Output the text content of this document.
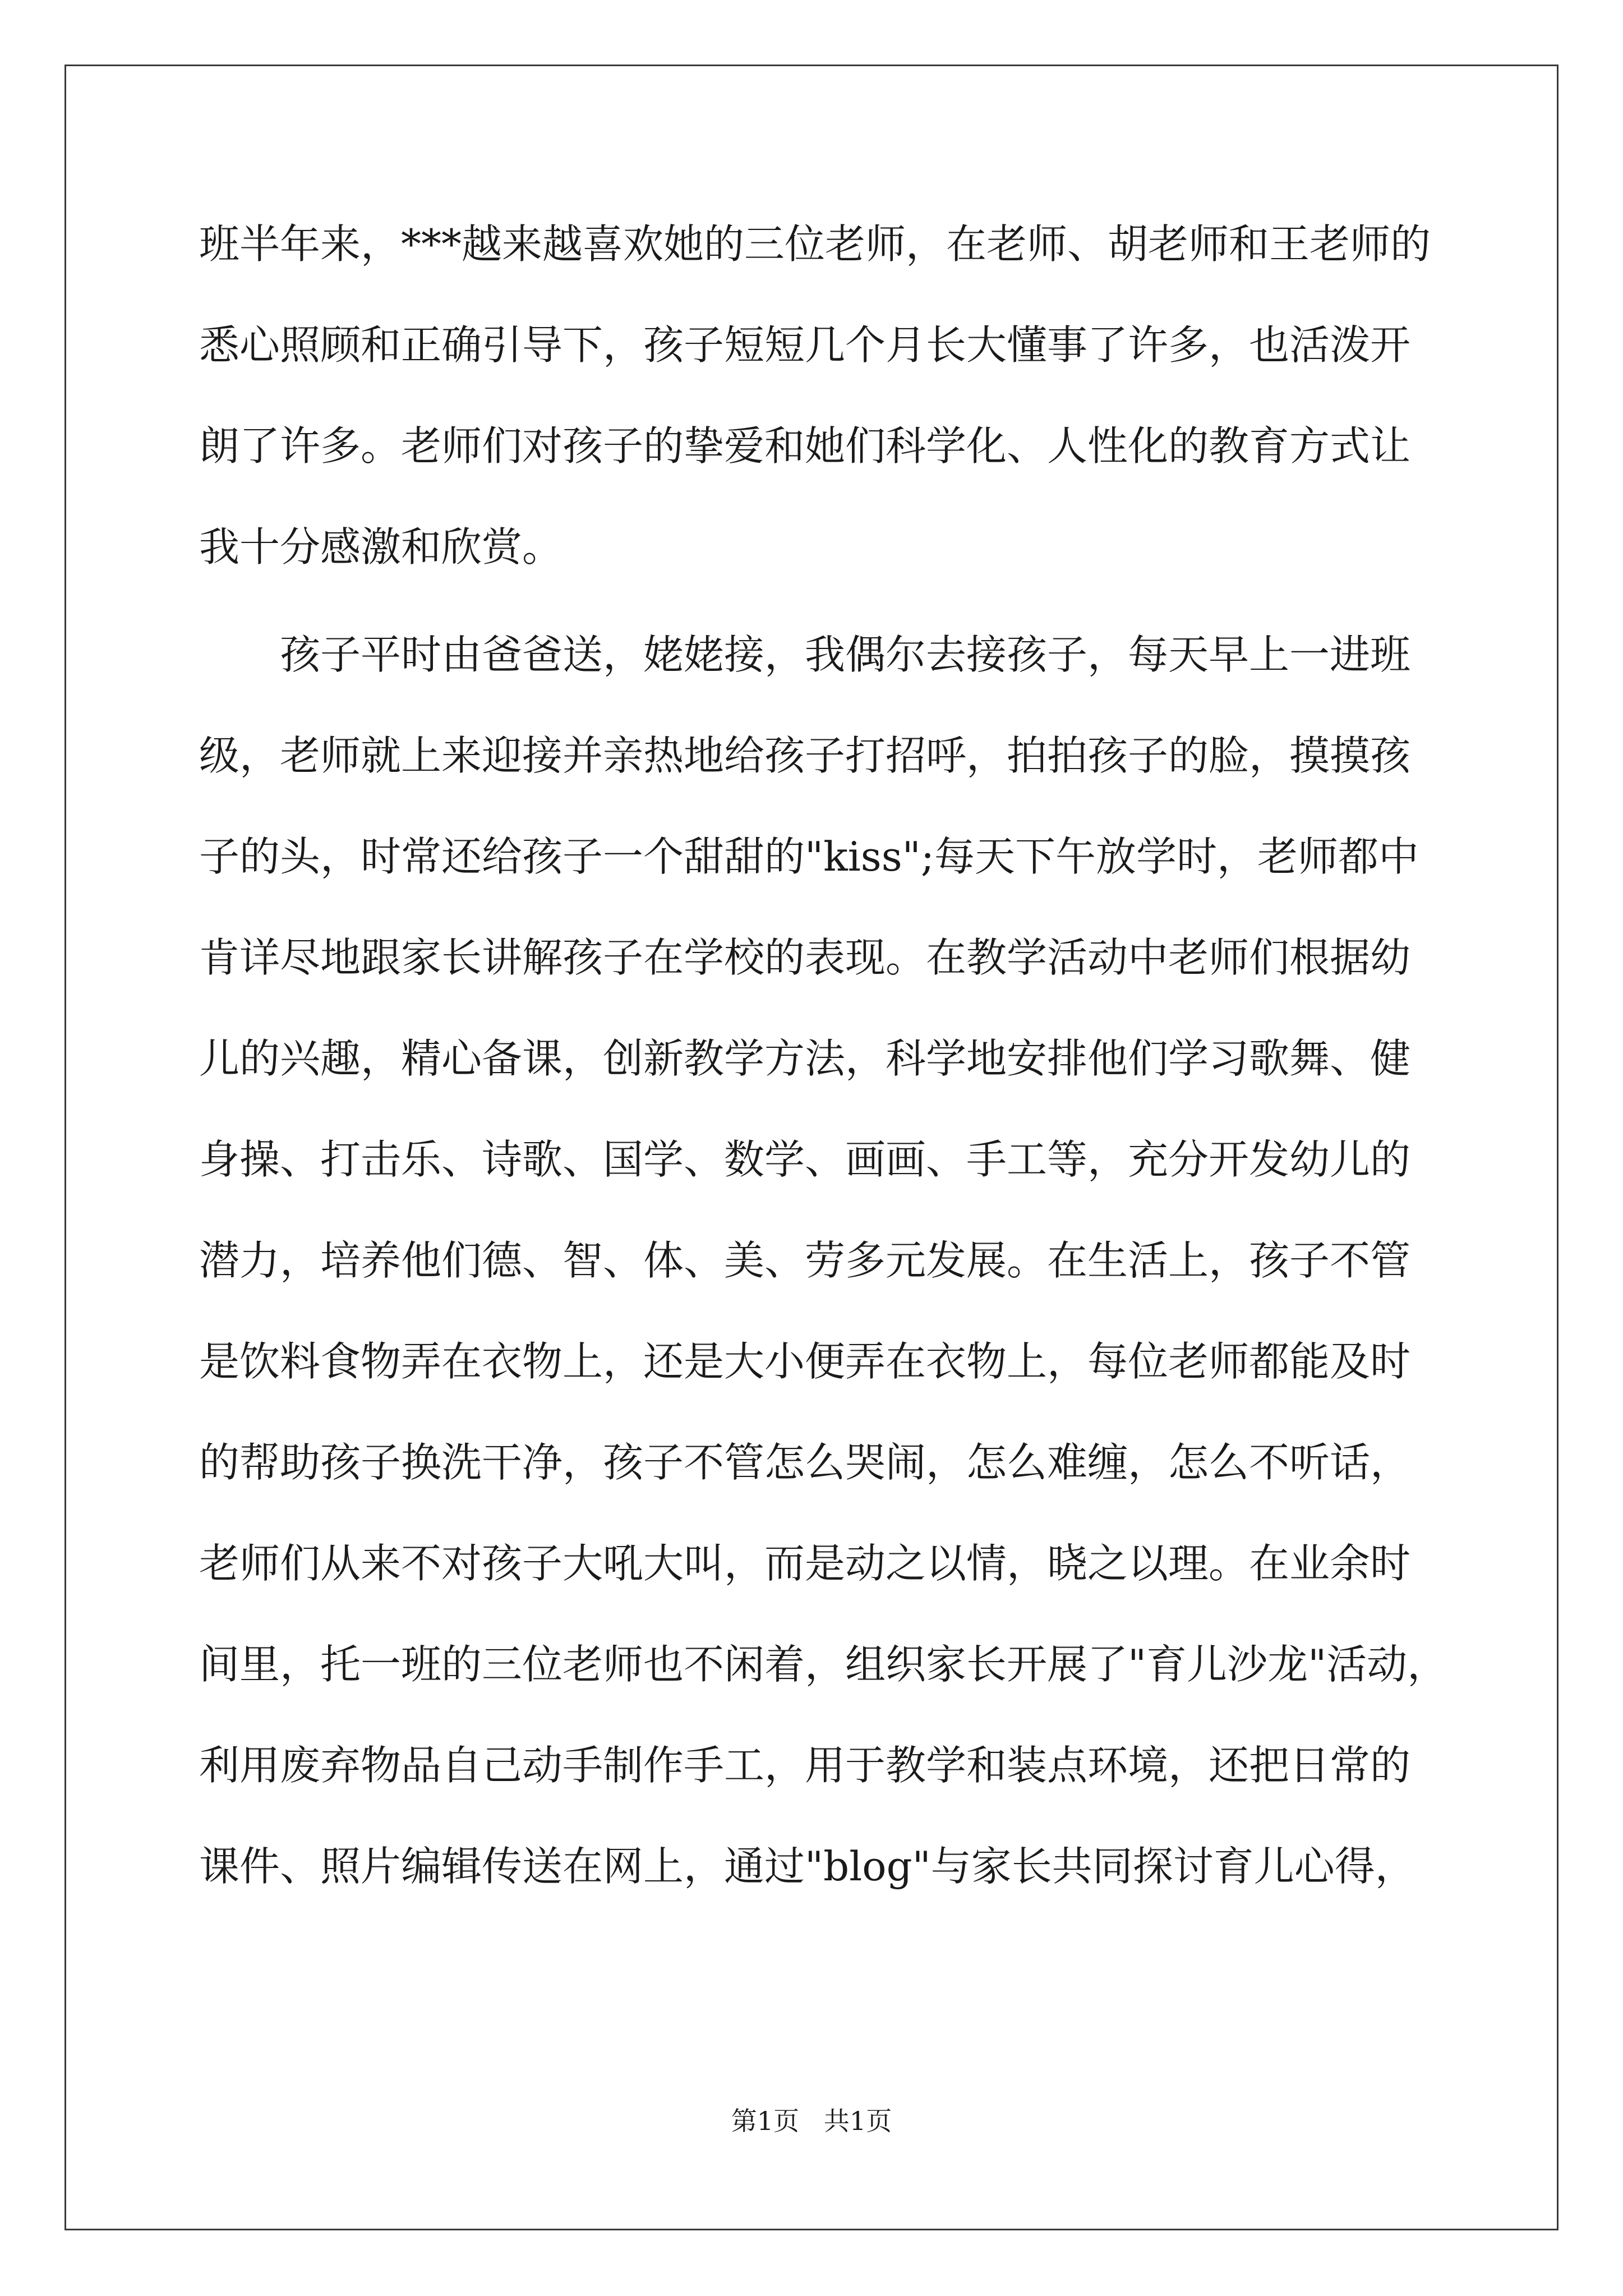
班半年来，***越来越喜欢她的三位老师，在老师、胡老师和王老师的
悉心照顾和正确引导下，孩子短短几个月长大懂事了许多，也活泼开
朗了许多。老师们对孩子的挚爱和她们科学化、人性化的教育方式让
我十分感激和欣赏。
孩子平时由爸爸送，姥姥接，我偶尔去接孩子，每天早上一进班
级，老师就上来迎接并亲热地给孩子打招呼，拍拍孩子的脸，摸摸孩
子的头，时常还给孩子一个甜甜的"kiss";每天下午放学时，老师都中
肯详尽地跟家长讲解孩子在学校的表现。在教学活动中老师们根据幼
儿的兴趣，精心备课，创新教学方法，科学地安排他们学习歌舞、健
身操、打击乐、诗歌、国学、数学、画画、手工等，充分开发幼儿的
潜力，培养他们德、智、体、美、劳多元发展。在生活上，孩子不管
是饮料食物弄在衣物上，还是大小便弄在衣物上，每位老师都能及时
的帮助孩子换洗干净，孩子不管怎么哭闹，怎么难缠，怎么不听话，
老师们从来不对孩子大吼大叫，而是动之以情，晓之以理。在业余时
间里，托一班的三位老师也不闲着，组织家长开展了"育儿沙龙"活动，
利用废弃物品自己动手制作手工，用于教学和装点环境，还把日常的
课件、照片编辑传送在网上，通过"blog"与家长共同探讨育儿心得，
第1页   共1页
